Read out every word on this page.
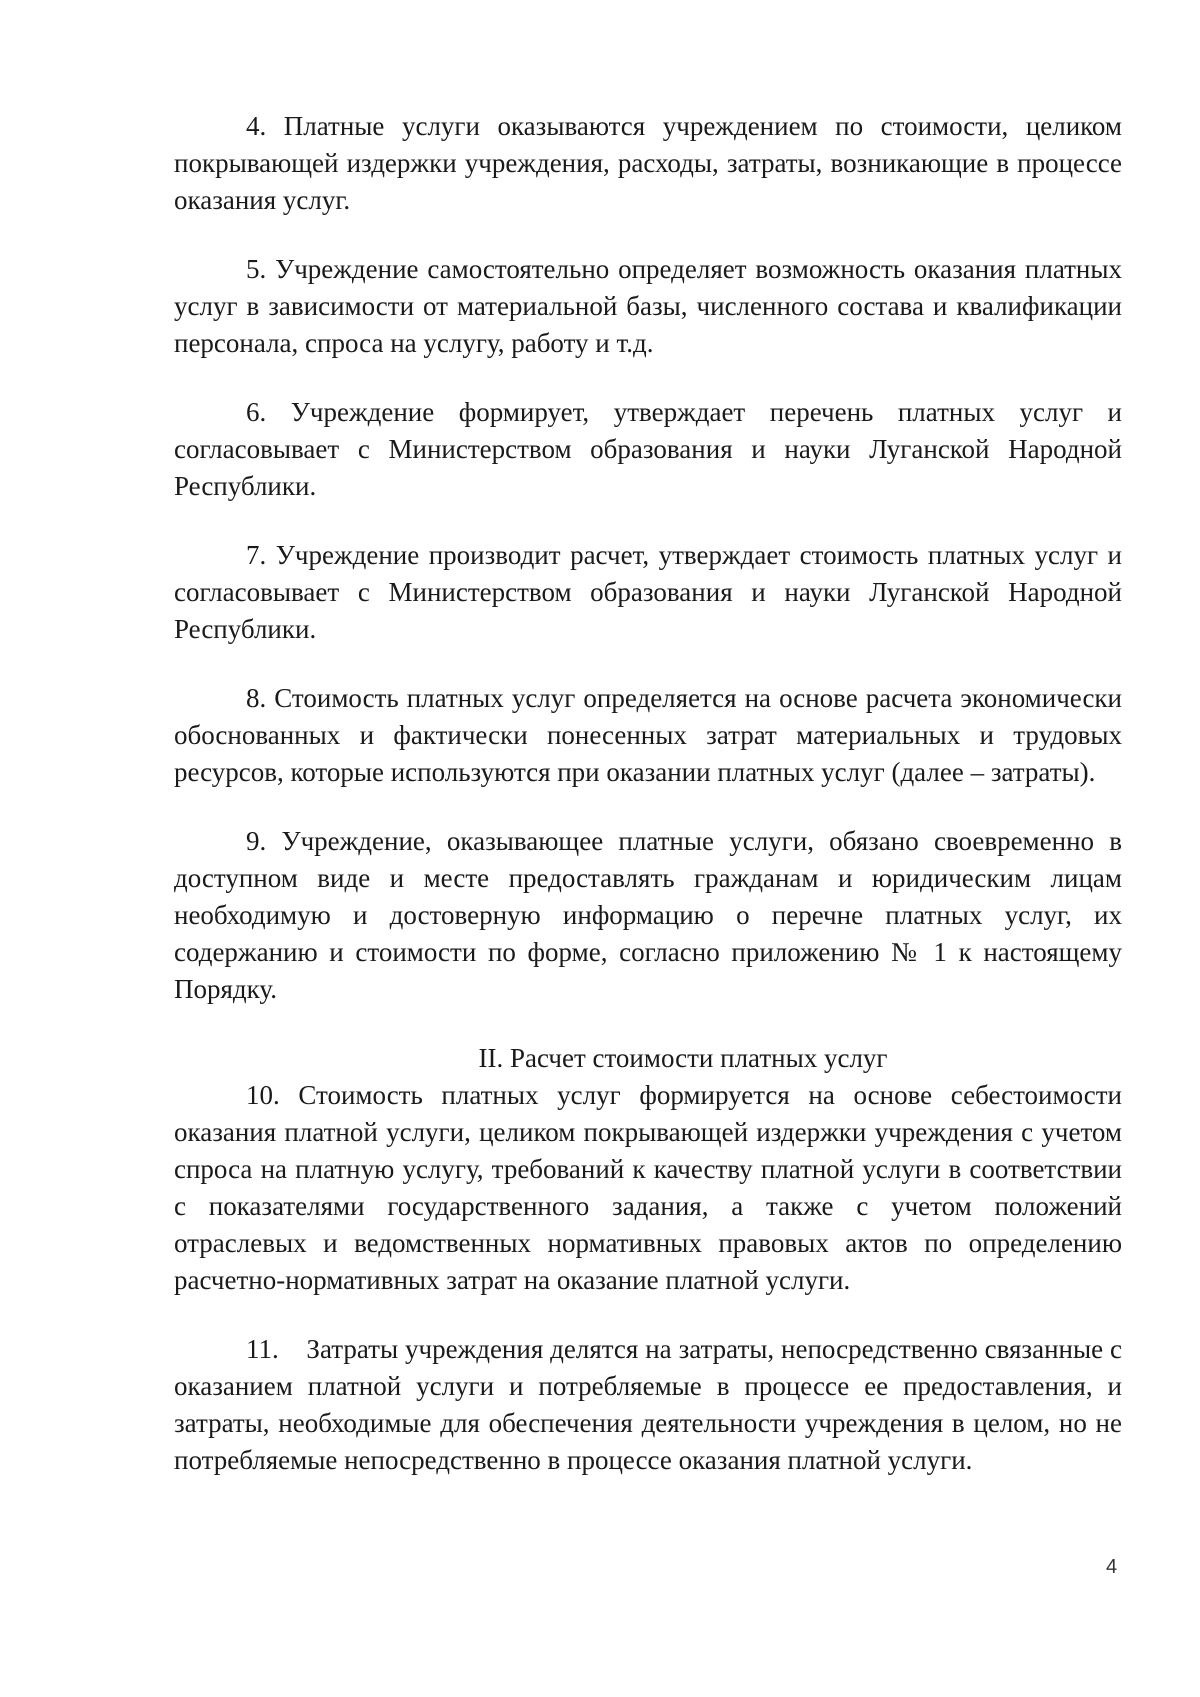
4. Платные услуги оказываются учреждением по стоимости, целиком покрывающей издержки учреждения, расходы, затраты, возникающие в процессе оказания услуг.

5. Учреждение самостоятельно определяет возможность оказания платных услуг в зависимости от материальной базы, численного состава и квалификации персонала, спроса на услугу, работу и т.д.

6. Учреждение формирует, утверждает перечень платных услуг и согласовывает с Министерством образования и науки Луганской Народной Республики.

7. Учреждение производит расчет, утверждает стоимость платных услуг и согласовывает с Министерством образования и науки Луганской Народной Республики.

8. Стоимость платных услуг определяется на основе расчета экономически обоснованных и фактически понесенных затрат материальных и трудовых ресурсов, которые используются при оказании платных услуг (далее – затраты).

9. Учреждение, оказывающее платные услуги, обязано своевременно в доступном виде и месте предоставлять гражданам и юридическим лицам необходимую и достоверную информацию о перечне платных услуг, их содержанию и стоимости по форме, согласно приложению № 1 к настоящему Порядку.

II. Расчет стоимости платных услуг

10. Стоимость платных услуг формируется на основе себестоимости оказания платной услуги, целиком покрывающей издержки учреждения с учетом спроса на платную услугу, требований к качеству платной услуги в соответствии с показателями государственного задания, а также с учетом положений отраслевых и ведомственных нормативных правовых актов по определению расчетно-нормативных затрат на оказание платной услуги.

11.    Затраты учреждения делятся на затраты, непосредственно связанные с оказанием платной услуги и потребляемые в процессе ее предоставления, и затраты, необходимые для обеспечения деятельности учреждения в целом, но не потребляемые непосредственно в процессе оказания платной услуги.

4
